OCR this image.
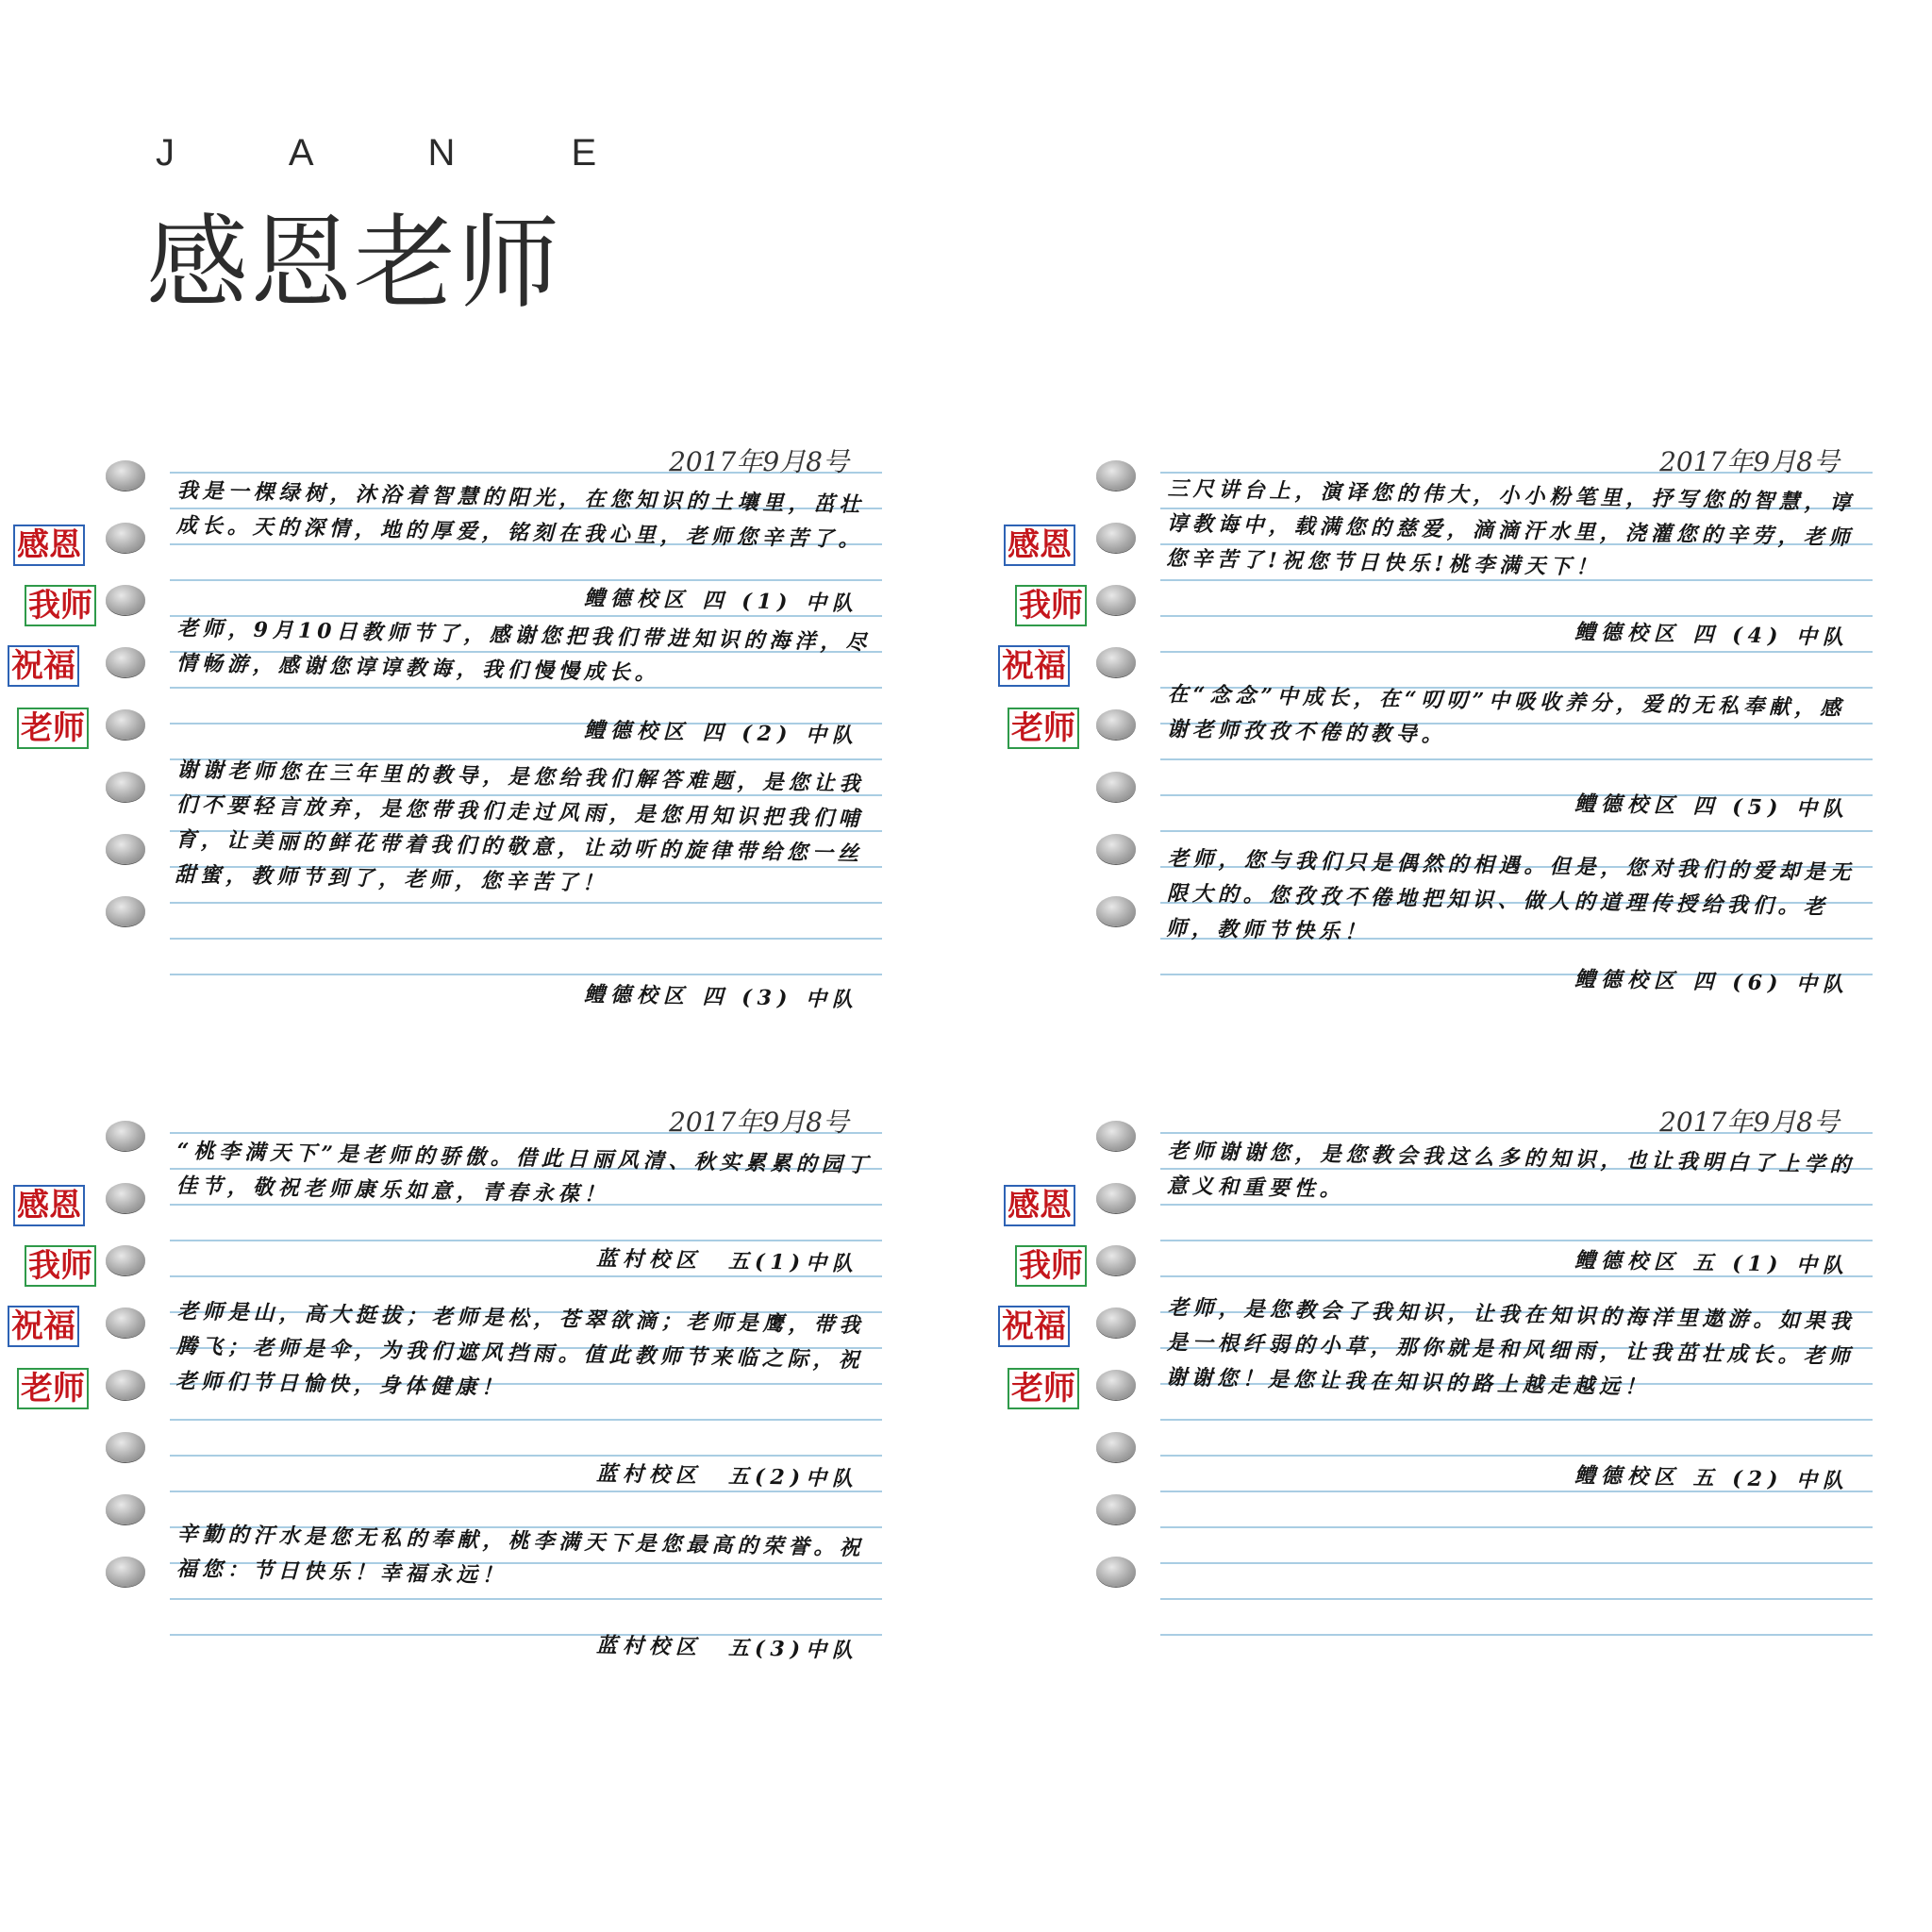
J A N E
感恩老师
感恩
我师
祝福
老师
2017年9月8号
我是一棵绿树，沐浴着智慧的阳光，在您知识的土壤里，茁壮成长。天的深情，地的厚爱，铭刻在我心里，老师您辛苦了。
鳢德校区 四 (1) 中队
老师，9月10日教师节了，感谢您把我们带进知识的海洋，尽情畅游，感谢您谆谆教诲，我们慢慢成长。
鳢德校区 四 (2) 中队
谢谢老师您在三年里的教导，是您给我们解答难题，是您让我们不要轻言放弃，是您带我们走过风雨，是您用知识把我们哺育，让美丽的鲜花带着我们的敬意，让动听的旋律带给您一丝甜蜜，教师节到了，老师，您辛苦了！
鳢德校区 四 (3) 中队
感恩
我师
祝福
老师
2017年9月8号
三尺讲台上，演译您的伟大，小小粉笔里，抒写您的智慧，谆谆教诲中，载满您的慈爱，滴滴汗水里，浇灌您的辛劳，老师您辛苦了!祝您节日快乐!桃李满天下！
鳢德校区 四 (4) 中队
在“念念”中成长，在“叨叨”中吸收养分，爱的无私奉献，感谢老师孜孜不倦的教导。
鳢德校区 四 (5) 中队
老师，您与我们只是偶然的相遇。但是，您对我们的爱却是无限大的。您孜孜不倦地把知识、做人的道理传授给我们。老师，教师节快乐！
鳢德校区 四 (6) 中队
感恩
我师
祝福
老师
2017年9月8号
“桃李满天下”是老师的骄傲。借此日丽风清、秋实累累的园丁佳节，敬祝老师康乐如意，青春永葆！
蓝村校区　五(1)中队
老师是山，高大挺拔；老师是松，苍翠欲滴；老师是鹰，带我腾飞；老师是伞，为我们遮风挡雨。值此教师节来临之际，祝老师们节日愉快，身体健康！
蓝村校区　五(2)中队
辛勤的汗水是您无私的奉献，桃李满天下是您最高的荣誉。祝福您：节日快乐！幸福永远！
蓝村校区　五(3)中队
感恩
我师
祝福
老师
2017年9月8号
老师谢谢您，是您教会我这么多的知识，也让我明白了上学的意义和重要性。
鳢德校区 五 (1) 中队
老师，是您教会了我知识，让我在知识的海洋里遨游。如果我是一根纤弱的小草，那你就是和风细雨，让我茁壮成长。老师谢谢您！是您让我在知识的路上越走越远！
鳢德校区 五 (2) 中队
